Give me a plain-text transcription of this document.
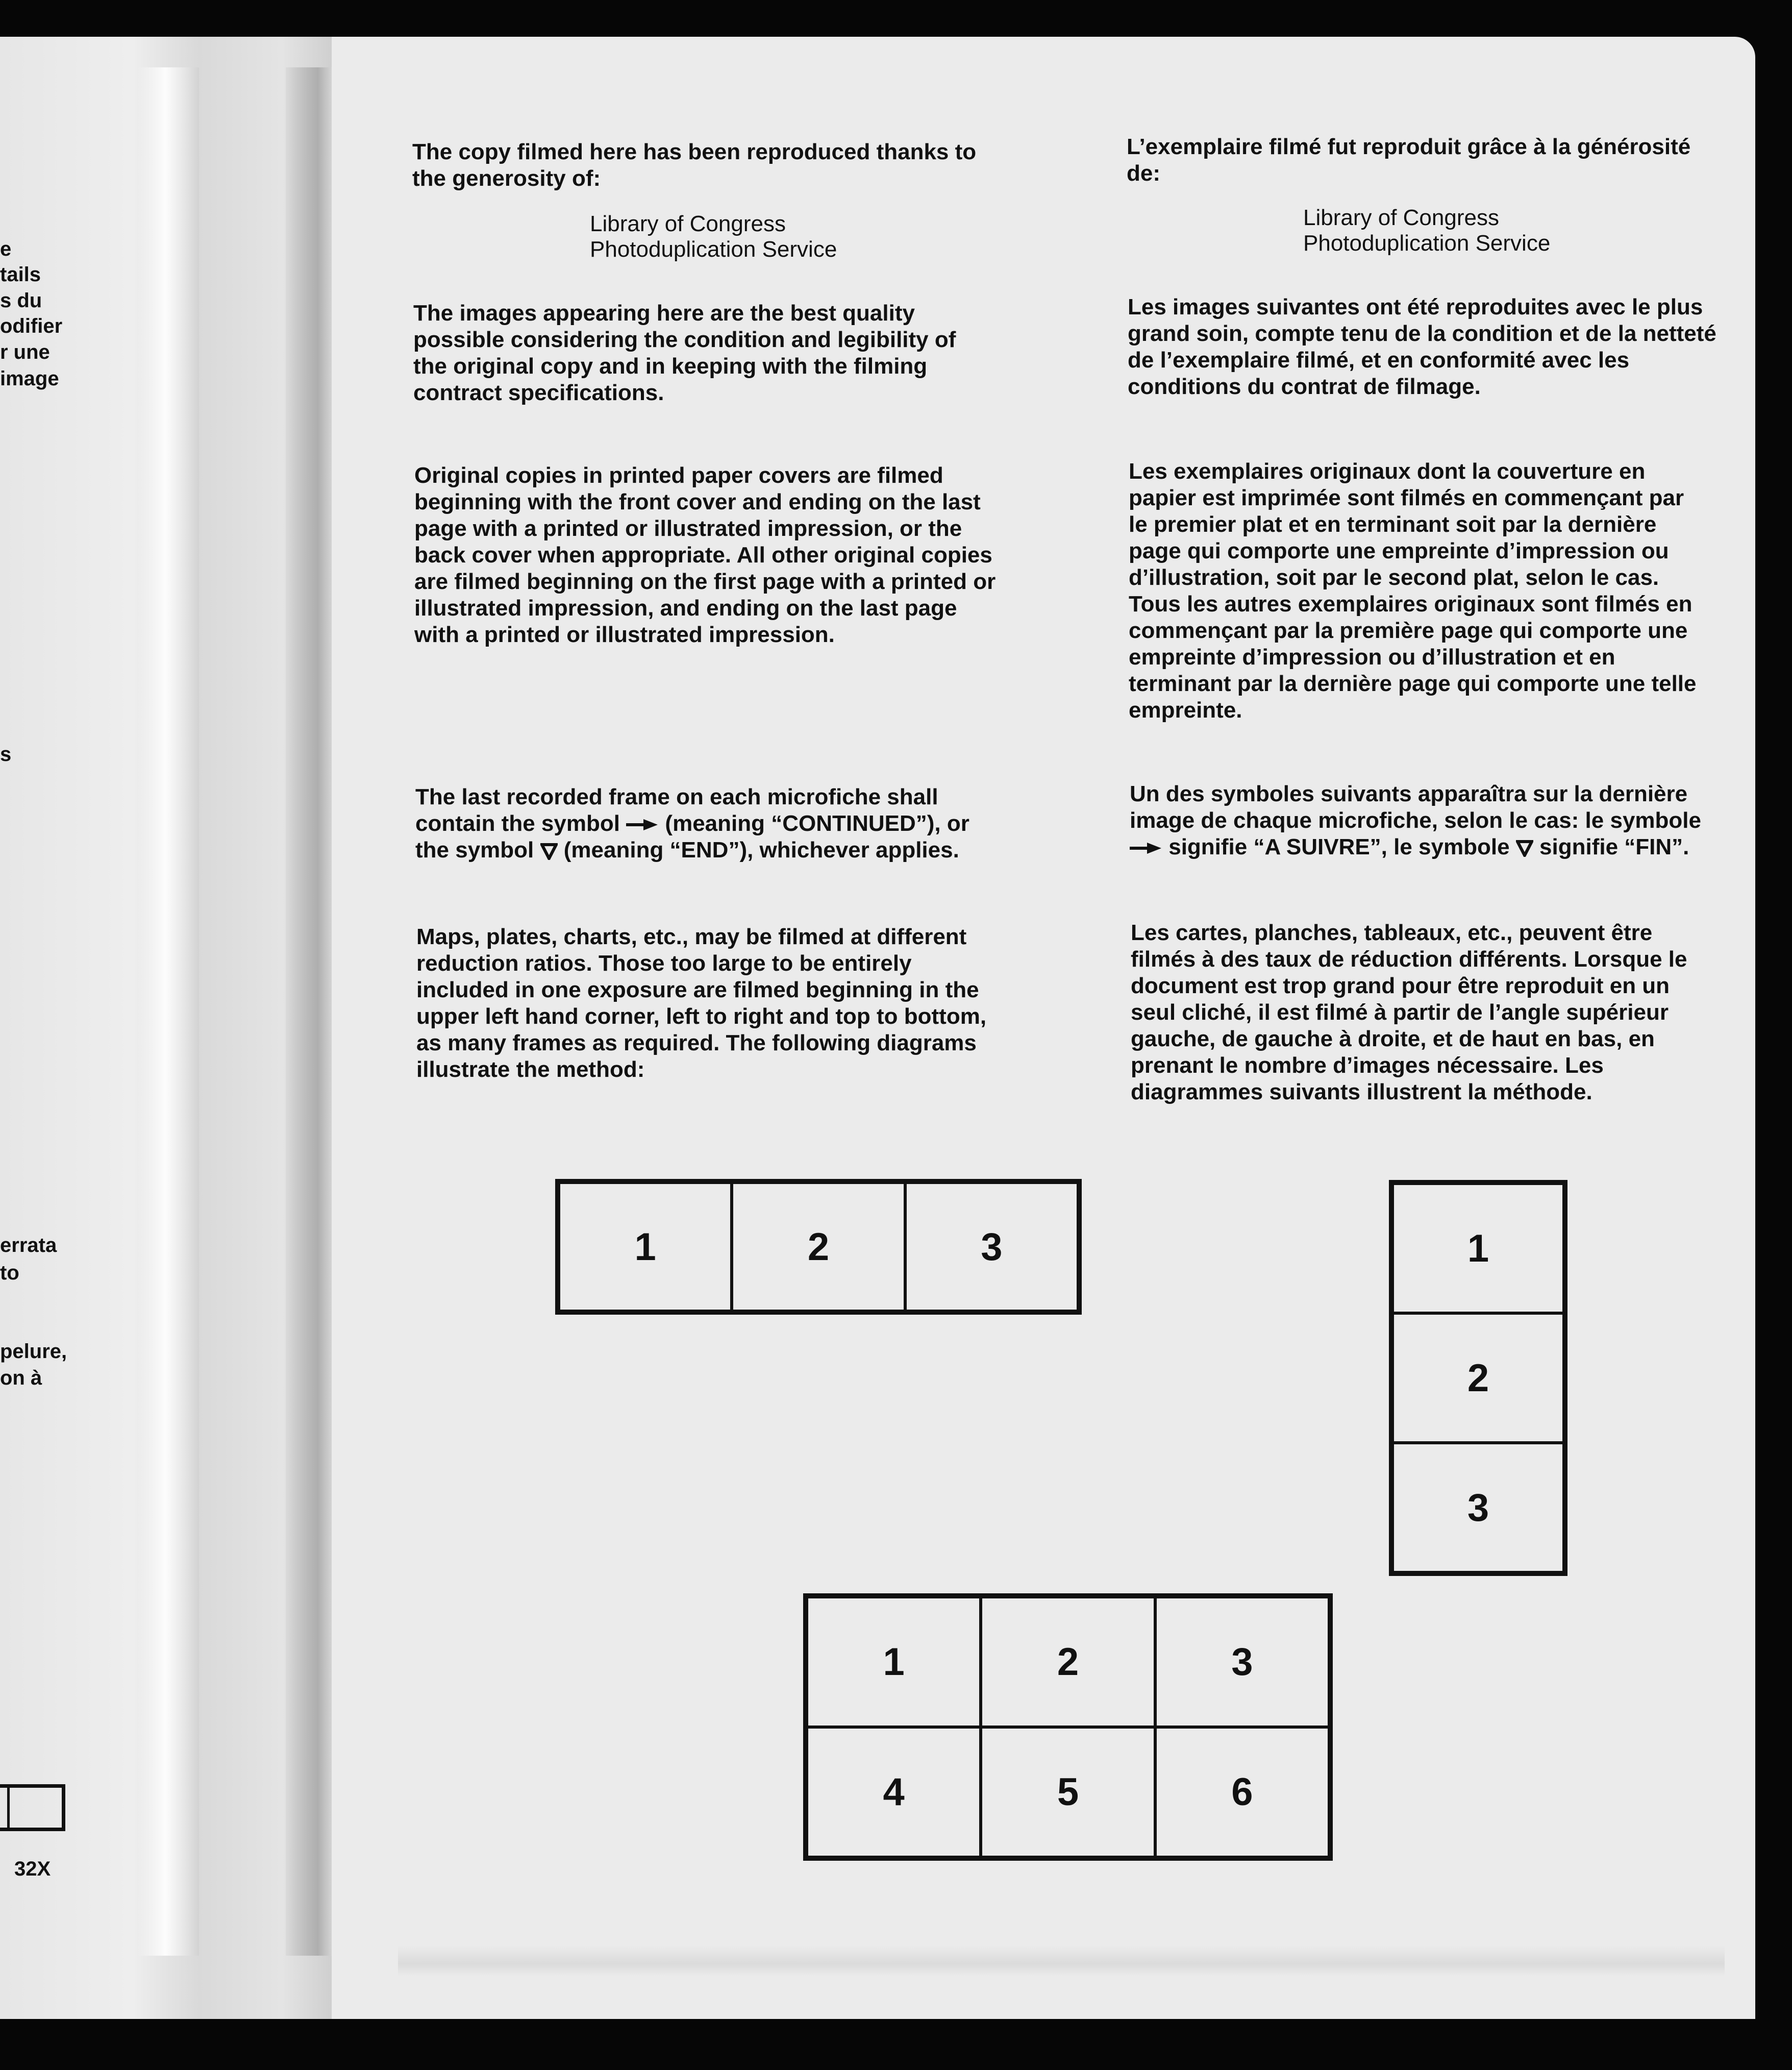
e
tails
s du
odifier
r une
image
s
errata
to
pelure,
on à
32X

The copy filmed here has been reproduced thanks to the generosity of:

Library of Congress
Photoduplication Service

The images appearing here are the best quality possible considering the condition and legibility of the original copy and in keeping with the filming contract specifications.

Original copies in printed paper covers are filmed beginning with the front cover and ending on the last page with a printed or illustrated impression, or the back cover when appropriate. All other original copies are filmed beginning on the first page with a printed or illustrated impression, and ending on the last page with a printed or illustrated impression.

The last recorded frame on each microfiche shall contain the symbol (meaning “CONTINUED”), or the symbol (meaning “END”), whichever applies.

Maps, plates, charts, etc., may be filmed at different reduction ratios. Those too large to be entirely included in one exposure are filmed beginning in the upper left hand corner, left to right and top to bottom, as many frames as required. The following diagrams illustrate the method:

L’exemplaire filmé fut reproduit grâce à la générosité de:

Library of Congress
Photoduplication Service

Les images suivantes ont été reproduites avec le plus grand soin, compte tenu de la condition et de la netteté de l’exemplaire filmé, et en conformité avec les conditions du contrat de filmage.

Les exemplaires originaux dont la couverture en papier est imprimée sont filmés en commençant par le premier plat et en terminant soit par la dernière page qui comporte une empreinte d’impression ou d’illustration, soit par le second plat, selon le cas. Tous les autres exemplaires originaux sont filmés en commençant par la première page qui comporte une empreinte d’impression ou d’illustration et en terminant par la dernière page qui comporte une telle empreinte.

Un des symboles suivants apparaîtra sur la dernière image de chaque microfiche, selon le cas: le symbole  signifie “A SUIVRE”, le symbole signifie “FIN”.

Les cartes, planches, tableaux, etc., peuvent être filmés à des taux de réduction différents. Lorsque le document est trop grand pour être reproduit en un seul cliché, il est filmé à partir de l’angle supérieur gauche, de gauche à droite, et de haut en bas, en prenant le nombre d’images nécessaire. Les diagrammes suivants illustrent la méthode.

1	2	3	1
2
3
1	2	3
4	5	6
